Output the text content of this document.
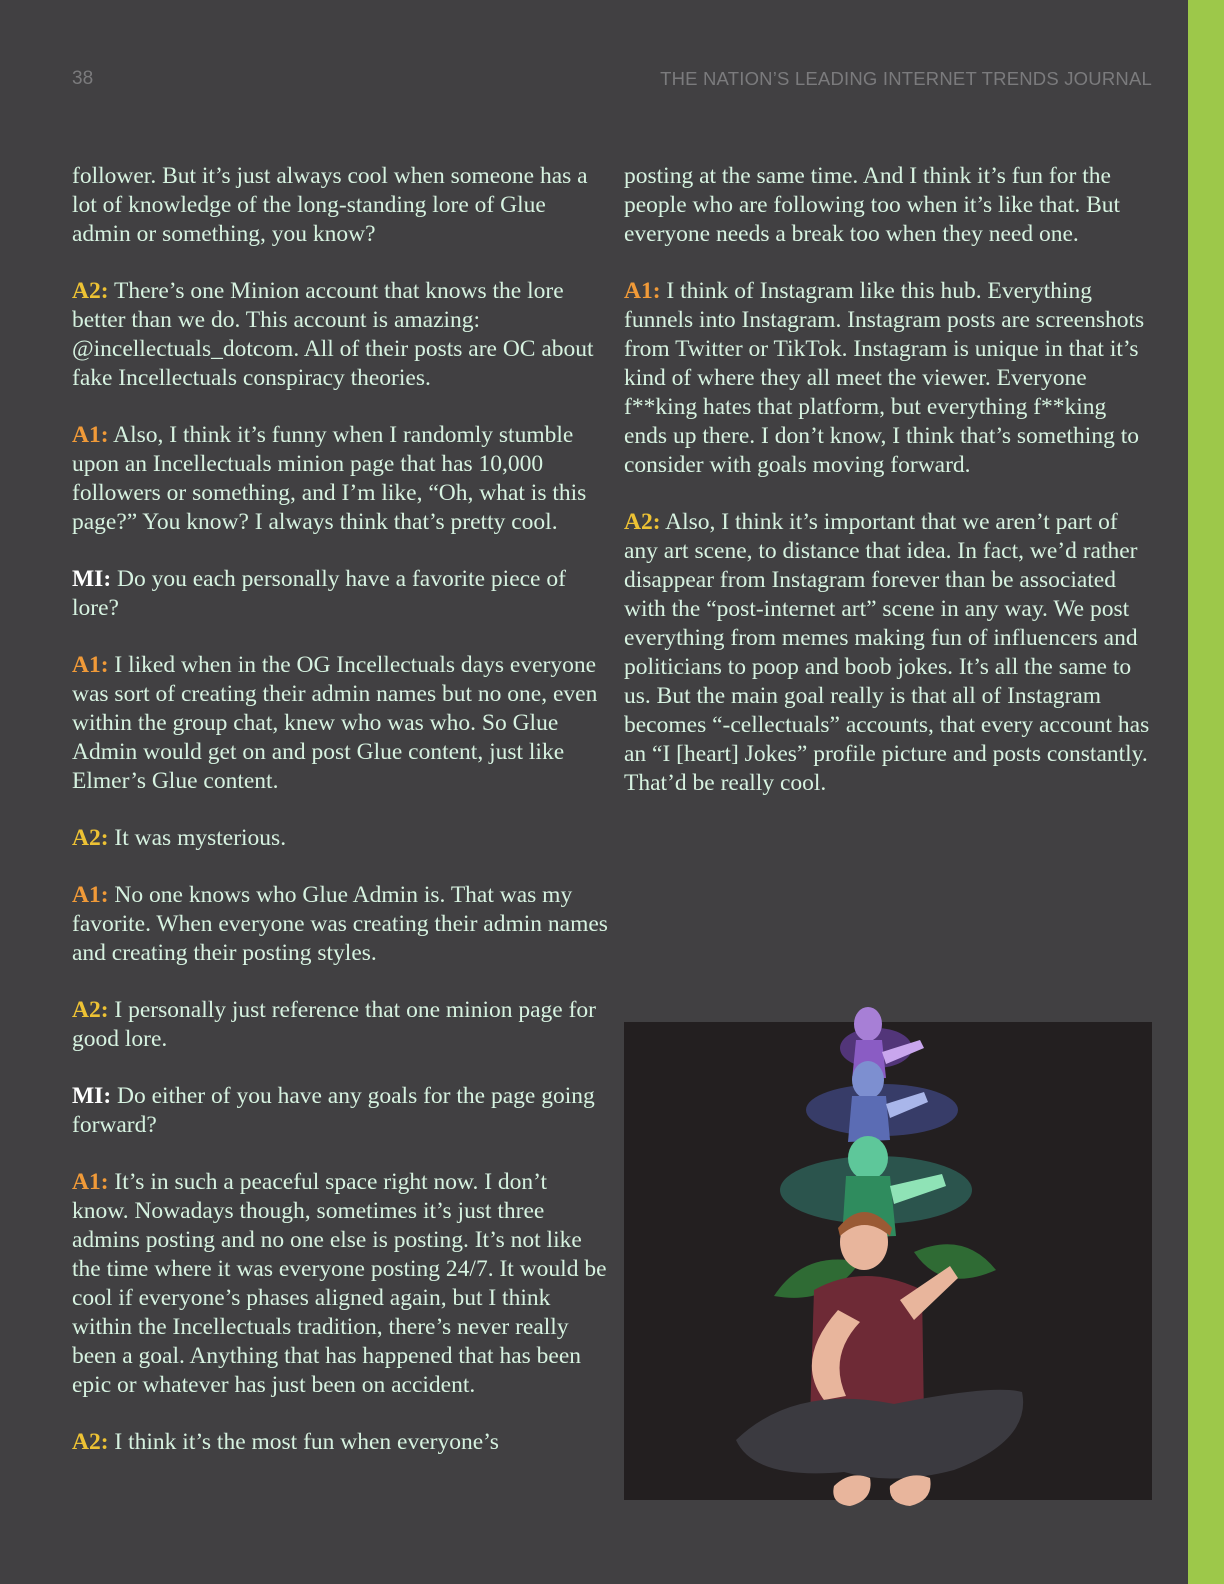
38	THE NATION’S LEADING INTERNET TRENDS JOURNAL

follower. But it’s just always cool when someone has a lot of knowledge of the long-standing lore of Glue admin or something, you know?

A2: There’s one Minion account that knows the lore better than we do. This account is amazing: @incellectuals_dotcom. All of their posts are OC about fake Incellectuals conspiracy theories.

A1: Also, I think it’s funny when I randomly stumble upon an Incellectuals minion page that has 10,000 followers or something, and I’m like, “Oh, what is this page?” You know? I always think that’s pretty cool.

MI: Do you each personally have a favorite piece of lore?

A1: I liked when in the OG Incellectuals days everyone was sort of creating their admin names but no one, even within the group chat, knew who was who. So Glue Admin would get on and post Glue content, just like Elmer’s Glue content.

A2: It was mysterious.

A1: No one knows who Glue Admin is. That was my favorite. When everyone was creating their admin names and creating their posting styles.

A2: I personally just reference that one minion page for good lore.

MI: Do either of you have any goals for the page going forward?

A1: It’s in such a peaceful space right now. I don’t know. Nowadays though, sometimes it’s just three admins posting and no one else is posting. It’s not like the time where it was everyone posting 24/7. It would be cool if everyone’s phases aligned again, but I think within the Incellectuals tradition, there’s never really been a goal. Anything that has happened that has been epic or whatever has just been on accident.

A2: I think it’s the most fun when everyone’s

posting at the same time. And I think it’s fun for the people who are following too when it’s like that. But everyone needs a break too when they need one.

A1: I think of Instagram like this hub. Everything funnels into Instagram. Instagram posts are screenshots from Twitter or TikTok. Instagram is unique in that it’s kind of where they all meet the viewer. Everyone f**king hates that platform, but everything f**king ends up there. I don’t know, I think that’s something to consider with goals moving forward.

A2: Also, I think it’s important that we aren’t part of any art scene, to distance that idea. In fact, we’d rather disappear from Instagram forever than be associated with the “post-internet art” scene in any way. We post everything from memes making fun of influencers and politicians to poop and boob jokes. It’s all the same to us. But the main goal really is that all of Instagram becomes “-cellectuals” accounts, that every account has an “I [heart] Jokes” profile picture and posts constantly. That’d be really cool.
